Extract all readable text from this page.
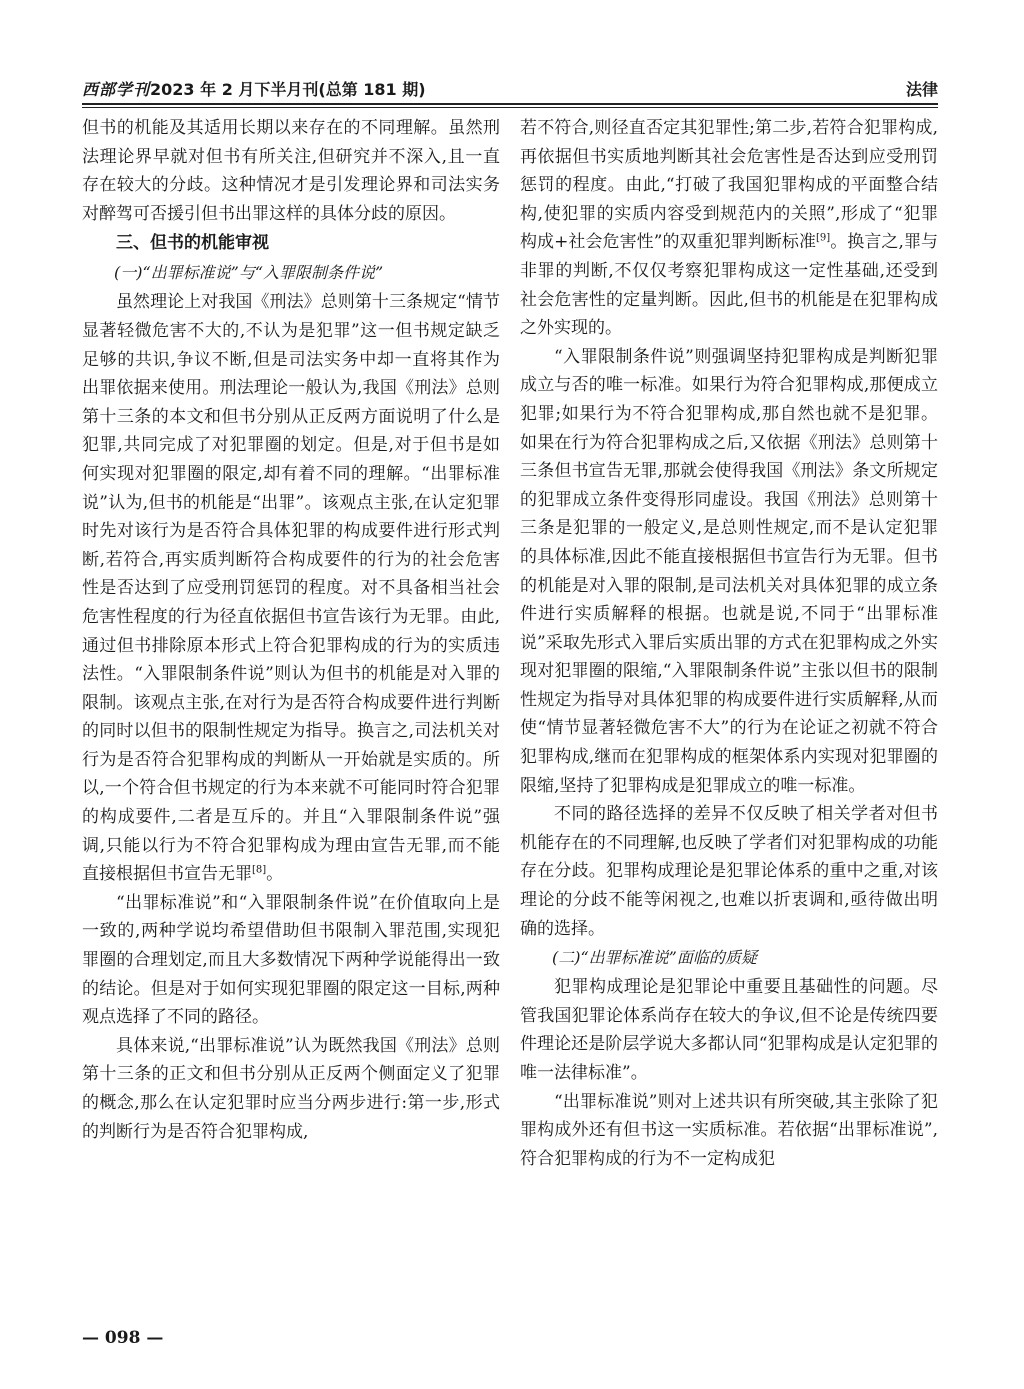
西部学刊2023 年 2 月下半月刊(总第 181 期)	法律

但书的机能及其适用长期以来存在的不同理解。虽然刑法理论界早就对但书有所关注,但研究并不深入,且一直存在较大的分歧。这种情况才是引发理论界和司法实务对醉驾可否援引但书出罪这样的具体分歧的原因。

三、但书的机能审视
(一)“出罪标准说”与“入罪限制条件说”

虽然理论上对我国《刑法》总则第十三条规定“情节显著轻微危害不大的,不认为是犯罪”这一但书规定缺乏足够的共识,争议不断,但是司法实务中却一直将其作为出罪依据来使用。刑法理论一般认为,我国《刑法》总则第十三条的本文和但书分别从正反两方面说明了什么是犯罪,共同完成了对犯罪圈的划定。但是,对于但书是如何实现对犯罪圈的限定,却有着不同的理解。“出罪标准说”认为,但书的机能是“出罪”。该观点主张,在认定犯罪时先对该行为是否符合具体犯罪的构成要件进行形式判断,若符合,再实质判断符合构成要件的行为的社会危害性是否达到了应受刑罚惩罚的程度。对不具备相当社会危害性程度的行为径直依据但书宣告该行为无罪。由此,通过但书排除原本形式上符合犯罪构成的行为的实质违法性。“入罪限制条件说”则认为但书的机能是对入罪的限制。该观点主张,在对行为是否符合构成要件进行判断的同时以但书的限制性规定为指导。换言之,司法机关对行为是否符合犯罪构成的判断从一开始就是实质的。所以,一个符合但书规定的行为本来就不可能同时符合犯罪的构成要件,二者是互斥的。并且“入罪限制条件说”强调,只能以行为不符合犯罪构成为理由宣告无罪,而不能直接根据但书宣告无罪[8]。

“出罪标准说”和“入罪限制条件说”在价值取向上是一致的,两种学说均希望借助但书限制入罪范围,实现犯罪圈的合理划定,而且大多数情况下两种学说能得出一致的结论。但是对于如何实现犯罪圈的限定这一目标,两种观点选择了不同的路径。

具体来说,“出罪标准说”认为既然我国《刑法》总则第十三条的正文和但书分别从正反两个侧面定义了犯罪的概念,那么在认定犯罪时应当分两步进行:第一步,形式的判断行为是否符合犯罪构成,

若不符合,则径直否定其犯罪性;第二步,若符合犯罪构成,再依据但书实质地判断其社会危害性是否达到应受刑罚惩罚的程度。由此,“打破了我国犯罪构成的平面整合结构,使犯罪的实质内容受到规范内的关照”,形成了“犯罪构成+社会危害性”的双重犯罪判断标准[9]。换言之,罪与非罪的判断,不仅仅考察犯罪构成这一定性基础,还受到社会危害性的定量判断。因此,但书的机能是在犯罪构成之外实现的。

“入罪限制条件说”则强调坚持犯罪构成是判断犯罪成立与否的唯一标准。如果行为符合犯罪构成,那便成立犯罪;如果行为不符合犯罪构成,那自然也就不是犯罪。如果在行为符合犯罪构成之后,又依据《刑法》总则第十三条但书宣告无罪,那就会使得我国《刑法》条文所规定的犯罪成立条件变得形同虚设。我国《刑法》总则第十三条是犯罪的一般定义,是总则性规定,而不是认定犯罪的具体标准,因此不能直接根据但书宣告行为无罪。但书的机能是对入罪的限制,是司法机关对具体犯罪的成立条件进行实质解释的根据。也就是说,不同于“出罪标准说”采取先形式入罪后实质出罪的方式在犯罪构成之外实现对犯罪圈的限缩,“入罪限制条件说”主张以但书的限制性规定为指导对具体犯罪的构成要件进行实质解释,从而使“情节显著轻微危害不大”的行为在论证之初就不符合犯罪构成,继而在犯罪构成的框架体系内实现对犯罪圈的限缩,坚持了犯罪构成是犯罪成立的唯一标准。

不同的路径选择的差异不仅反映了相关学者对但书机能存在的不同理解,也反映了学者们对犯罪构成的功能存在分歧。犯罪构成理论是犯罪论体系的重中之重,对该理论的分歧不能等闲视之,也难以折衷调和,亟待做出明确的选择。

(二)“出罪标准说”面临的质疑

犯罪构成理论是犯罪论中重要且基础性的问题。尽管我国犯罪论体系尚存在较大的争议,但不论是传统四要件理论还是阶层学说大多都认同“犯罪构成是认定犯罪的唯一法律标准”。

“出罪标准说”则对上述共识有所突破,其主张除了犯罪构成外还有但书这一实质标准。若依据“出罪标准说”,符合犯罪构成的行为不一定构成犯

— 098 —
